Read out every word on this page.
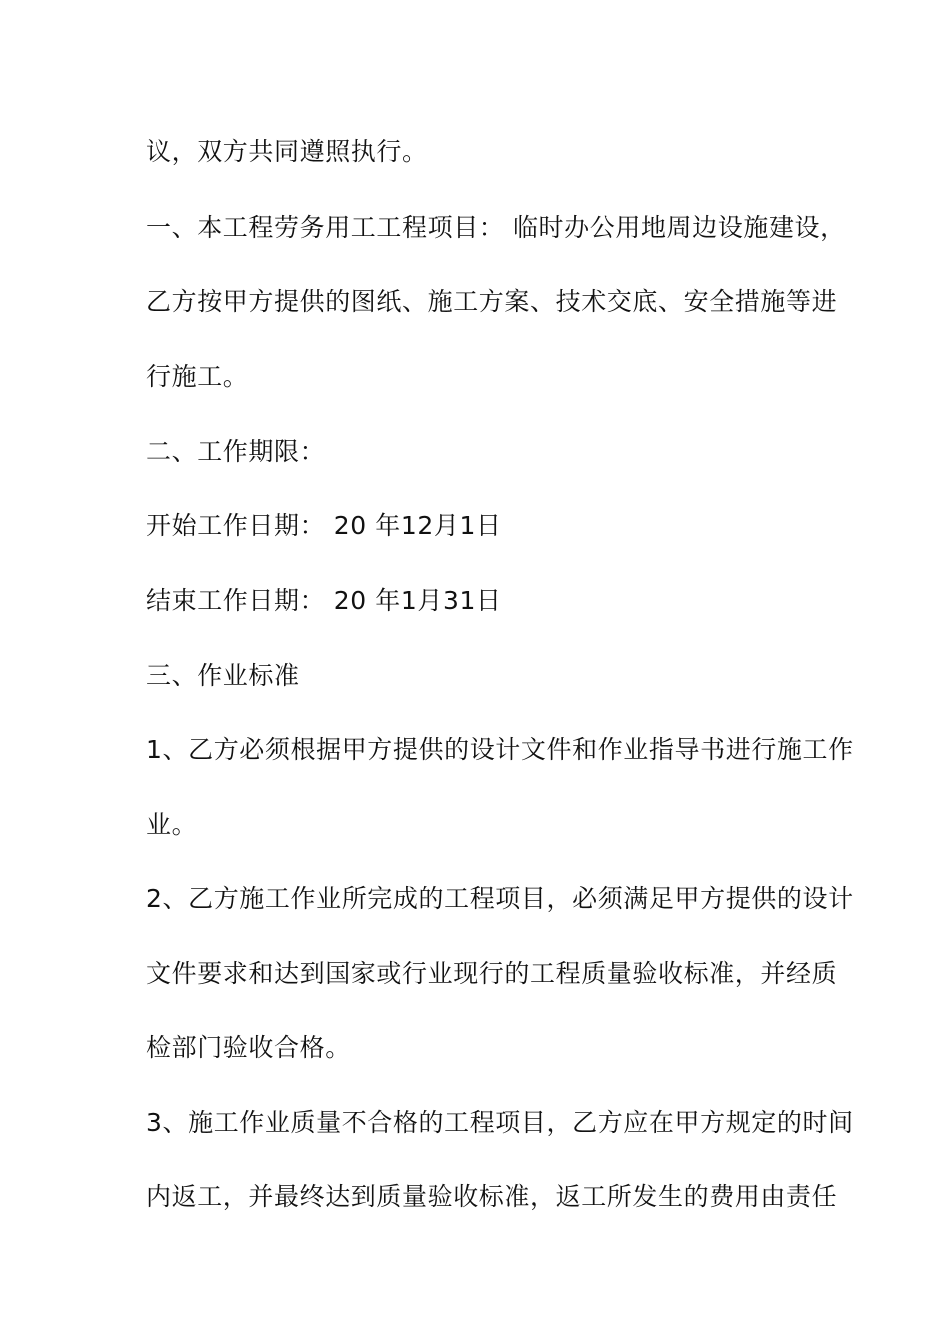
议，双方共同遵照执行。
一、本工程劳务用工工程项目： 临时办公用地周边设施建设，
乙方按甲方提供的图纸、施工方案、技术交底、安全措施等进
行施工。
二、工作期限：
开始工作日期： 20 年12月1日
结束工作日期： 20 年1月31日
三、作业标准
1、乙方必须根据甲方提供的设计文件和作业指导书进行施工作
业。
2、乙方施工作业所完成的工程项目，必须满足甲方提供的设计
文件要求和达到国家或行业现行的工程质量验收标准，并经质
检部门验收合格。
3、施工作业质量不合格的工程项目，乙方应在甲方规定的时间
内返工，并最终达到质量验收标准，返工所发生的费用由责任
